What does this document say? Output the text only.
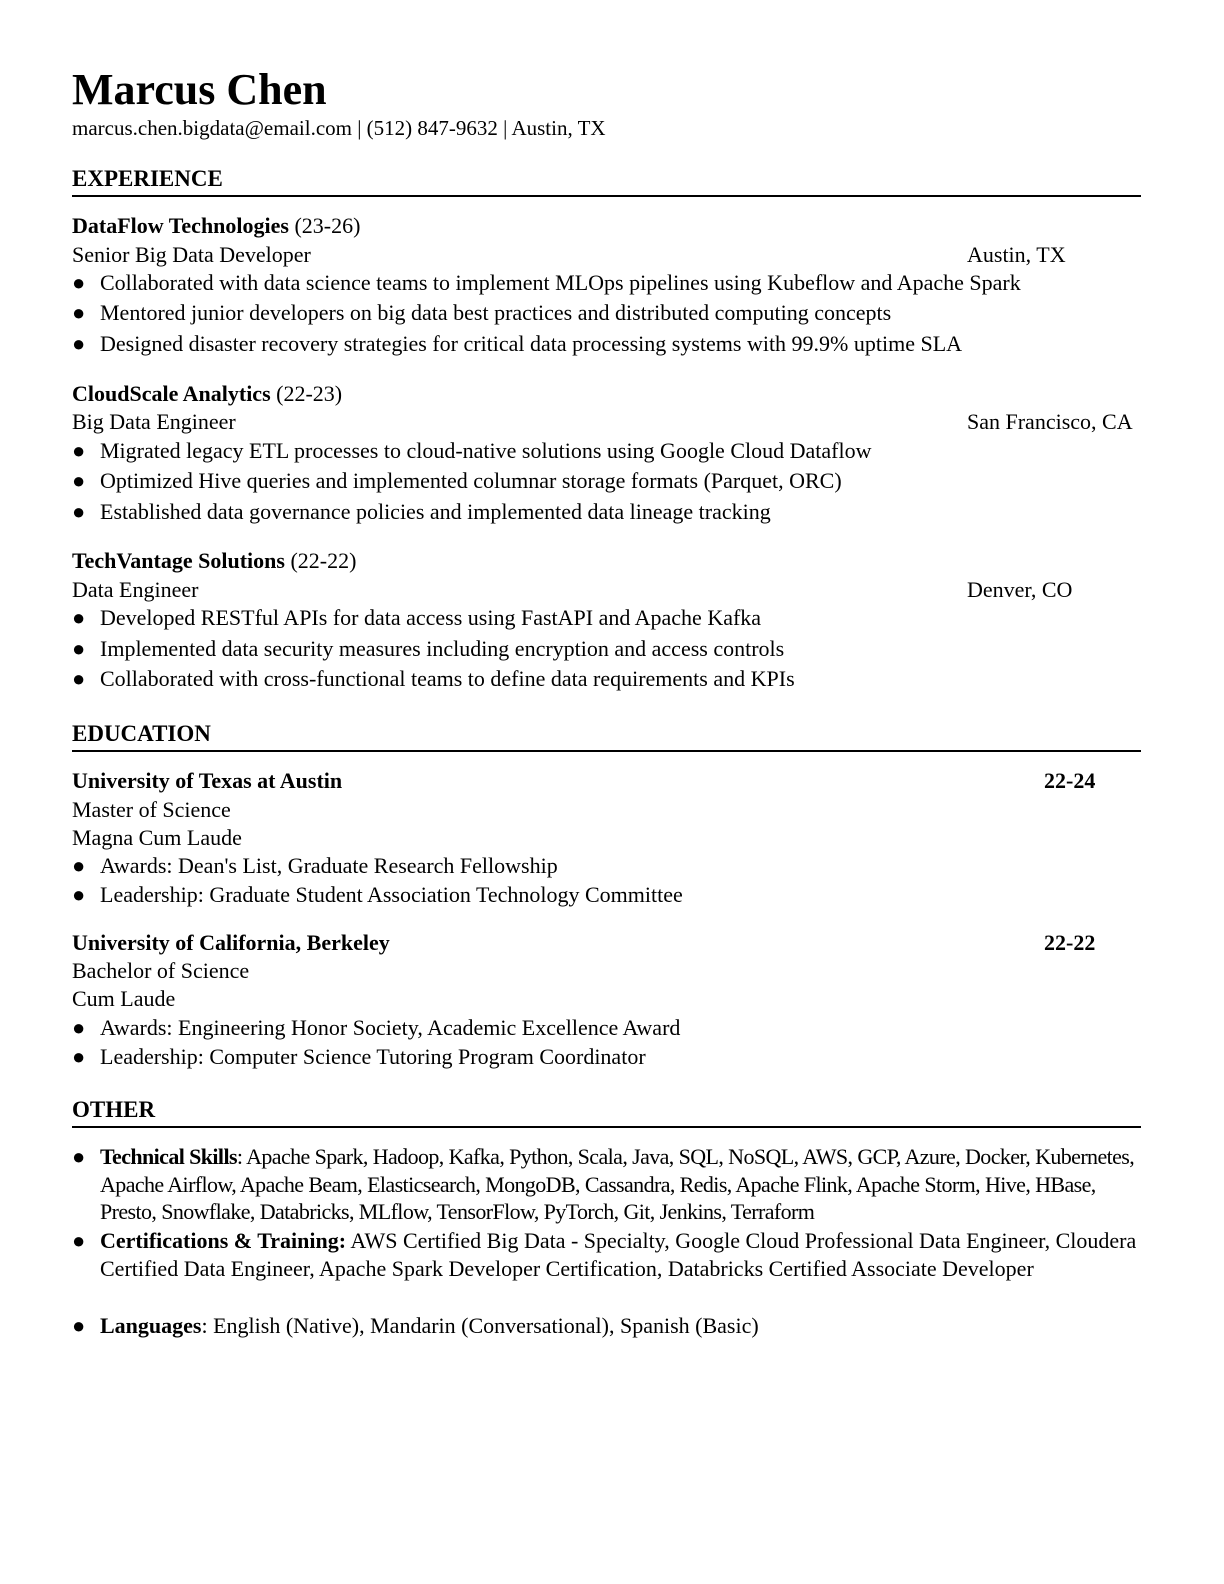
Marcus Chen
marcus.chen.bigdata@email.com | (512) 847-9632 | Austin, TX
EXPERIENCE
DataFlow Technologies (23-26)
Senior Big Data Developer	Austin, TX
● Collaborated with data science teams to implement MLOps pipelines using Kubeflow and Apache Spark
● Mentored junior developers on big data best practices and distributed computing concepts
● Designed disaster recovery strategies for critical data processing systems with 99.9% uptime SLA
CloudScale Analytics (22-23)
Big Data Engineer	San Francisco, CA
● Migrated legacy ETL processes to cloud-native solutions using Google Cloud Dataflow
● Optimized Hive queries and implemented columnar storage formats (Parquet, ORC)
● Established data governance policies and implemented data lineage tracking
TechVantage Solutions (22-22)
Data Engineer	Denver, CO
● Developed RESTful APIs for data access using FastAPI and Apache Kafka
● Implemented data security measures including encryption and access controls
● Collaborated with cross-functional teams to define data requirements and KPIs
EDUCATION
University of Texas at Austin	22-24
Master of Science
Magna Cum Laude
● Awards: Dean's List, Graduate Research Fellowship
● Leadership: Graduate Student Association Technology Committee
University of California, Berkeley	22-22
Bachelor of Science
Cum Laude
● Awards: Engineering Honor Society, Academic Excellence Award
● Leadership: Computer Science Tutoring Program Coordinator
OTHER
● Technical Skills: Apache Spark, Hadoop, Kafka, Python, Scala, Java, SQL, NoSQL, AWS, GCP, Azure, Docker, Kubernetes, Apache Airflow, Apache Beam, Elasticsearch, MongoDB, Cassandra, Redis, Apache Flink, Apache Storm, Hive, HBase, Presto, Snowflake, Databricks, MLflow, TensorFlow, PyTorch, Git, Jenkins, Terraform
● Certifications & Training: AWS Certified Big Data - Specialty, Google Cloud Professional Data Engineer, Cloudera Certified Data Engineer, Apache Spark Developer Certification, Databricks Certified Associate Developer
● Languages: English (Native), Mandarin (Conversational), Spanish (Basic)
